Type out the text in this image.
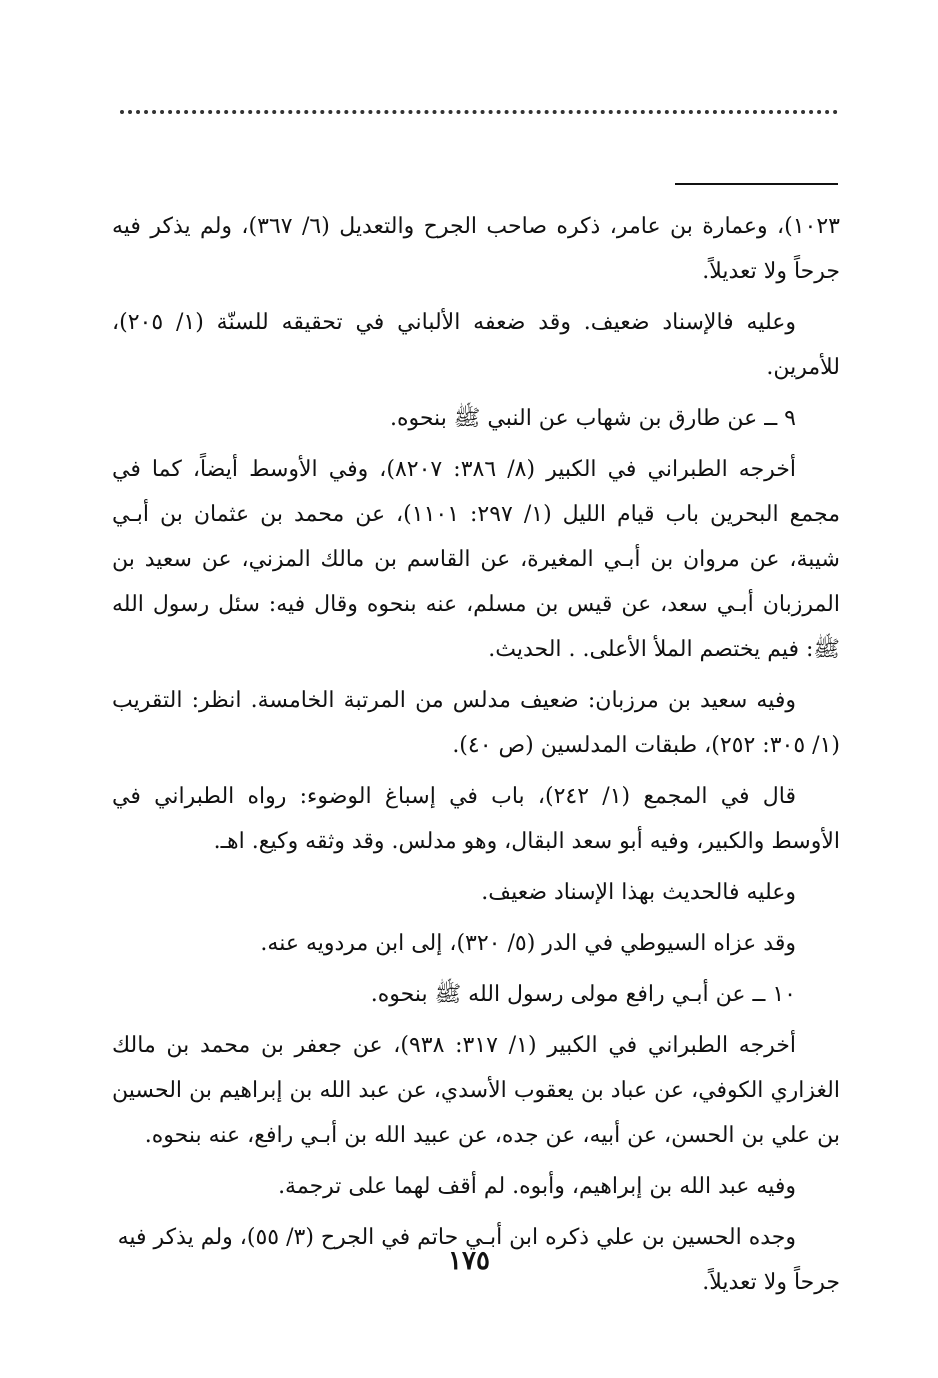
١٠٢٣)، وعمارة بن عامر، ذكره صاحب الجرح والتعديل (٦/ ٣٦٧)، ولم يذكر فيه جرحاً ولا تعديلاً.

وعليه فالإسناد ضعيف. وقد ضعفه الألباني في تحقيقه للسنّة (١/ ٢٠٥)، للأمرين.

٩ ــ عن طارق بن شهاب عن النبي ﷺ بنحوه.

أخرجه الطبراني في الكبير (٨/ ٣٨٦: ٨٢٠٧)، وفي الأوسط أيضاً، كما في مجمع البحرين باب قيام الليل (١/ ٢٩٧: ١١٠١)، عن محمد بن عثمان بن أبـي شيبة، عن مروان بن أبـي المغيرة، عن القاسم بن مالك المزني، عن سعيد بن المرزبان أبـي سعد، عن قيس بن مسلم، عنه بنحوه وقال فيه: سئل رسول الله ﷺ: فيم يختصم الملأ الأعلى. . الحديث.

وفيه سعيد بن مرزبان: ضعيف مدلس من المرتبة الخامسة. انظر: التقريب (١/ ٣٠٥: ٢٥٢)، طبقات المدلسين (ص ٤٠).

قال في المجمع (١/ ٢٤٢)، باب في إسباغ الوضوء: رواه الطبراني في الأوسط والكبير، وفيه أبو سعد البقال، وهو مدلس. وقد وثقه وكيع. اهـ.

وعليه فالحديث بهذا الإسناد ضعيف.

وقد عزاه السيوطي في الدر (٥/ ٣٢٠)، إلى ابن مردويه عنه.

١٠ ــ عن أبـي رافع مولى رسول الله ﷺ بنحوه.

أخرجه الطبراني في الكبير (١/ ٣١٧: ٩٣٨)، عن جعفر بن محمد بن مالك الغزاري الكوفي، عن عباد بن يعقوب الأسدي، عن عبد الله بن إبراهيم بن الحسين بن علي بن الحسن، عن أبيه، عن جده، عن عبيد الله بن أبـي رافع، عنه بنحوه.

وفيه عبد الله بن إبراهيم، وأبوه. لم أقف لهما على ترجمة.

وجده الحسين بن علي ذكره ابن أبـي حاتم في الجرح (٣/ ٥٥)، ولم يذكر فيه جرحاً ولا تعديلاً.

١٧٥
